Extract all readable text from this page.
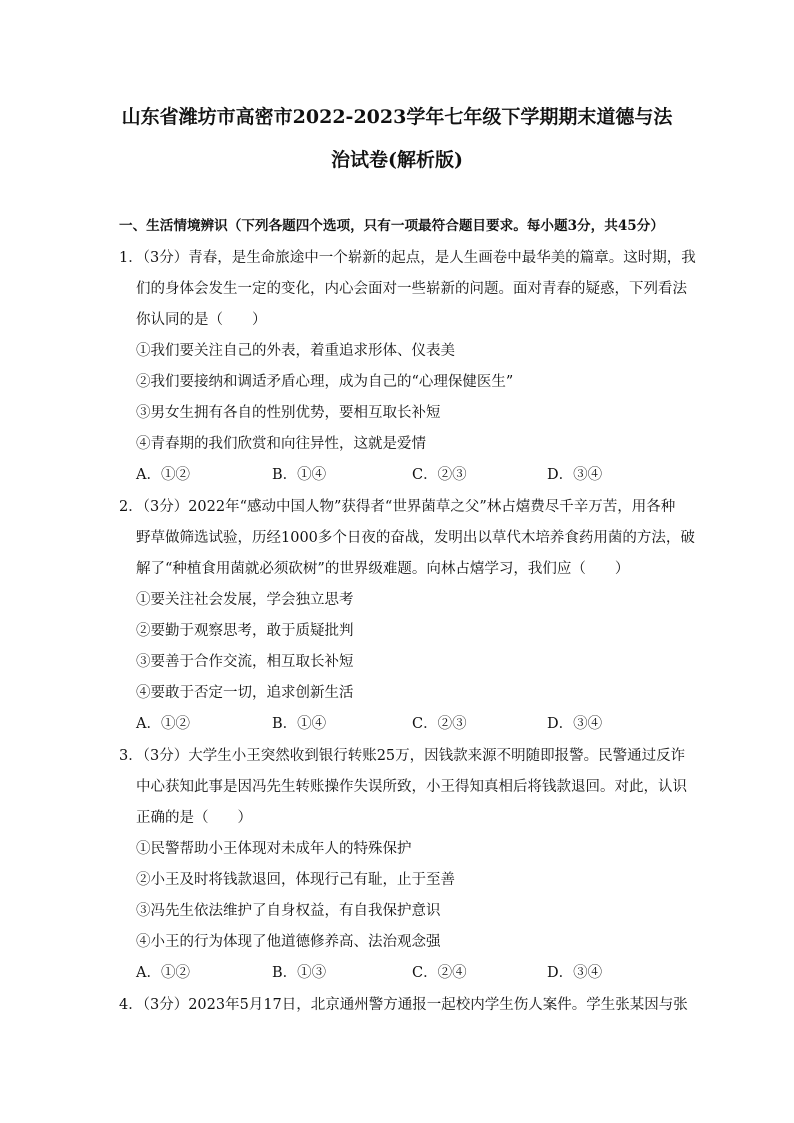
山东省潍坊市高密市2022-2023学年七年级下学期期末道德与法
治试卷(解析版)
一、生活情境辨识（下列各题四个选项，只有一项最符合题目要求。每小题3分，共45分）
1．（3分）青春，是生命旅途中一个崭新的起点，是人生画卷中最华美的篇章。这时期，我
们的身体会发生一定的变化，内心会面对一些崭新的问题。面对青春的疑惑，下列看法
你认同的是（　　）
①我们要关注自己的外表，着重追求形体、仪表美
②我们要接纳和调适矛盾心理，成为自己的“心理保健医生”
③男女生拥有各自的性别优势，要相互取长补短
④青春期的我们欣赏和向往异性，这就是爱情
A．①②	B．①④	C．②③	D．③④
2．（3分）2022年“感动中国人物”获得者“世界菌草之父”林占熺费尽千辛万苦，用各种
野草做筛选试验，历经1000多个日夜的奋战，发明出以草代木培养食药用菌的方法，破
解了“种植食用菌就必须砍树”的世界级难题。向林占熺学习，我们应（　　）
①要关注社会发展，学会独立思考
②要勤于观察思考，敢于质疑批判
③要善于合作交流，相互取长补短
④要敢于否定一切，追求创新生活
A．①②	B．①④	C．②③	D．③④
3．（3分）大学生小王突然收到银行转账25万，因钱款来源不明随即报警。民警通过反诈
中心获知此事是因冯先生转账操作失误所致，小王得知真相后将钱款退回。对此，认识
正确的是（　　）
①民警帮助小王体现对未成年人的特殊保护
②小王及时将钱款退回，体现行己有耻，止于至善
③冯先生依法维护了自身权益，有自我保护意识
④小王的行为体现了他道德修养高、法治观念强
A．①②	B．①③	C．②④	D．③④
4．（3分）2023年5月17日，北京通州警方通报一起校内学生伤人案件。学生张某因与张
